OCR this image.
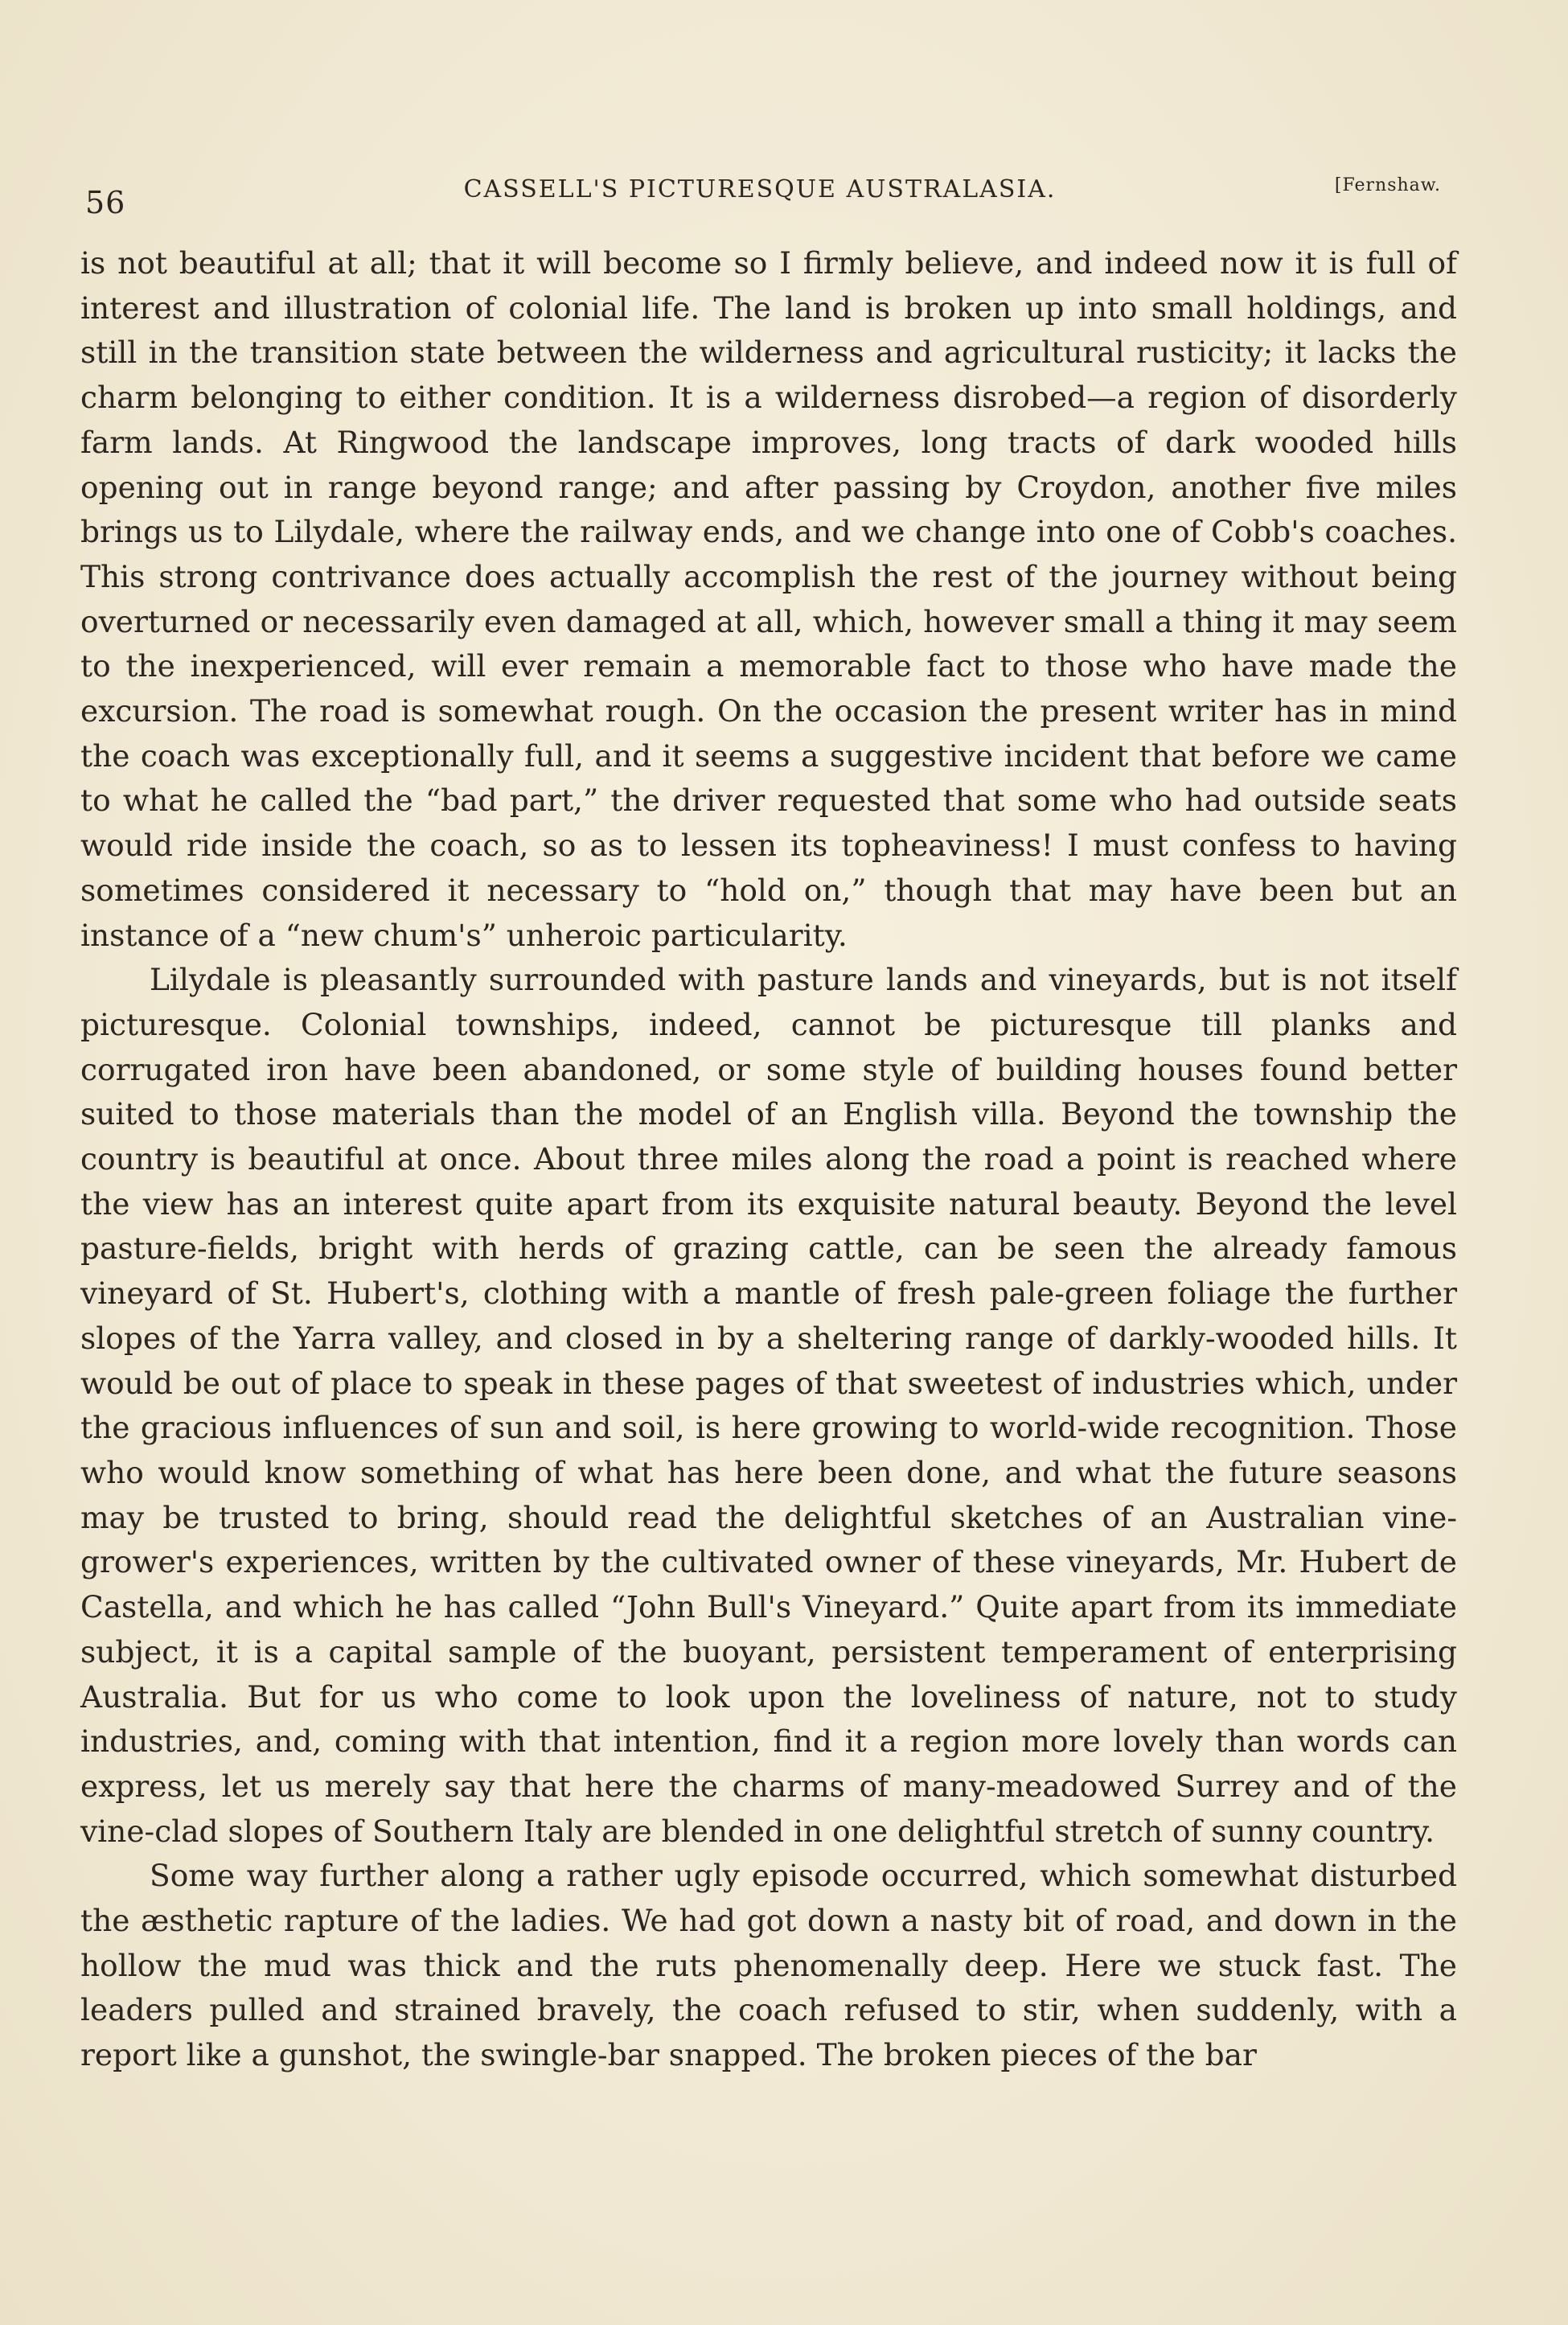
56	CASSELL'S PICTURESQUE AUSTRALASIA.	[Fernshaw.

is not beautiful at all; that it will become so I firmly believe, and indeed now it is full of interest and illustration of colonial life. The land is broken up into small holdings, and still in the transition state between the wilderness and agricultural rusticity; it lacks the charm belonging to either condition. It is a wilderness disrobed—a region of disorderly farm lands. At Ringwood the landscape improves, long tracts of dark wooded hills opening out in range beyond range; and after passing by Croydon, another five miles brings us to Lilydale, where the railway ends, and we change into one of Cobb's coaches. This strong contrivance does actually accomplish the rest of the journey without being overturned or necessarily even damaged at all, which, however small a thing it may seem to the inexperienced, will ever remain a memorable fact to those who have made the excursion. The road is somewhat rough. On the occasion the present writer has in mind the coach was exceptionally full, and it seems a suggestive incident that before we came to what he called the “bad part,” the driver requested that some who had outside seats would ride inside the coach, so as to lessen its topheaviness! I must confess to having sometimes considered it necessary to “hold on,” though that may have been but an instance of a “new chum's” unheroic particularity.

Lilydale is pleasantly surrounded with pasture lands and vineyards, but is not itself picturesque. Colonial townships, indeed, cannot be picturesque till planks and corrugated iron have been abandoned, or some style of building houses found better suited to those materials than the model of an English villa. Beyond the township the country is beautiful at once. About three miles along the road a point is reached where the view has an interest quite apart from its exquisite natural beauty. Beyond the level pasture-fields, bright with herds of grazing cattle, can be seen the already famous vineyard of St. Hubert's, clothing with a mantle of fresh pale-green foliage the further slopes of the Yarra valley, and closed in by a sheltering range of darkly-wooded hills. It would be out of place to speak in these pages of that sweetest of industries which, under the gracious influences of sun and soil, is here growing to world-wide recognition. Those who would know something of what has here been done, and what the future seasons may be trusted to bring, should read the delightful sketches of an Australian vine-grower's experiences, written by the cultivated owner of these vineyards, Mr. Hubert de Castella, and which he has called “John Bull's Vineyard.” Quite apart from its immediate subject, it is a capital sample of the buoyant, persistent temperament of enterprising Australia. But for us who come to look upon the loveliness of nature, not to study industries, and, coming with that intention, find it a region more lovely than words can express, let us merely say that here the charms of many-meadowed Surrey and of the vine-clad slopes of Southern Italy are blended in one delightful stretch of sunny country.

Some way further along a rather ugly episode occurred, which somewhat disturbed the æsthetic rapture of the ladies. We had got down a nasty bit of road, and down in the hollow the mud was thick and the ruts phenomenally deep. Here we stuck fast. The leaders pulled and strained bravely, the coach refused to stir, when suddenly, with a report like a gunshot, the swingle-bar snapped. The broken pieces of the bar
